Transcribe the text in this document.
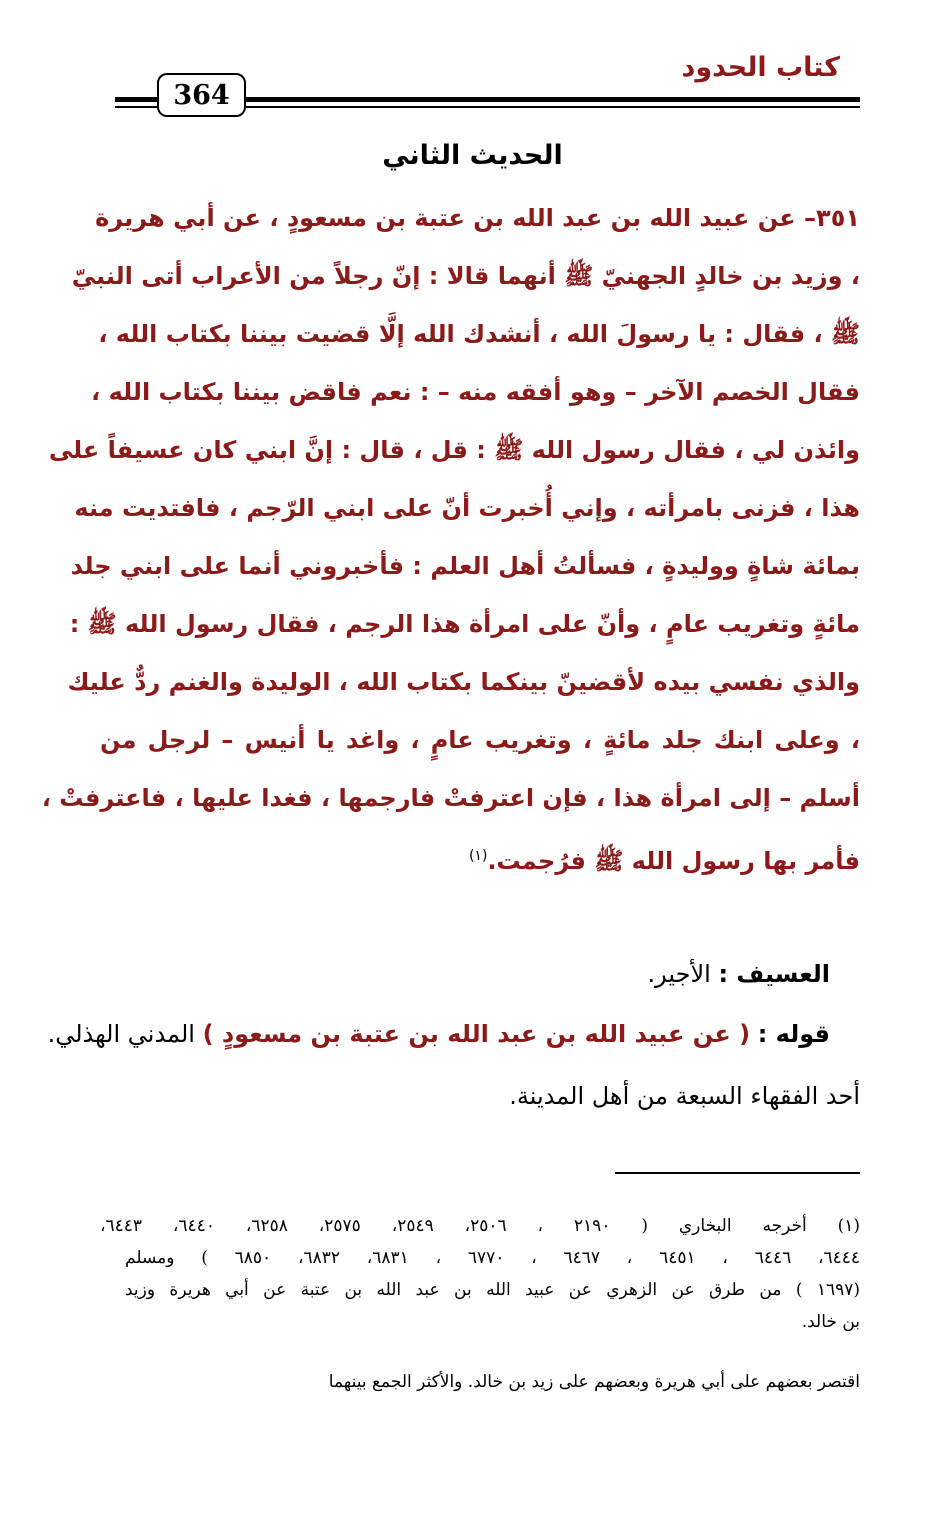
كتاب الحدود
364
الحديث الثاني
٣٥١– عن عبيد الله بن عبد الله بن عتبة بن مسعودٍ ، عن أبي هريرة
، وزيد بن خالدٍ الجهنيّ ﷺ أنهما قالا : إنّ رجلاً من الأعراب أتى النبيّ
ﷺ ، فقال : يا رسولَ الله ، أنشدك الله إلَّا قضيت بيننا بكتاب الله ،
فقال الخصم الآخر – وهو أفقه منه – : نعم فاقض بيننا بكتاب الله ،
وائذن لي ، فقال رسول الله ﷺ : قل ، قال : إنَّ ابني كان عسيفاً على
هذا ، فزنى بامرأته ، وإني أُخبرت أنّ على ابني الرّجم ، فافتديت منه
بمائة شاةٍ ووليدةٍ ، فسألتُ أهل العلم : فأخبروني أنما على ابني جلد
مائةٍ وتغريب عامٍ ، وأنّ على امرأة هذا الرجم ، فقال رسول الله ﷺ :
والذي نفسي بيده لأقضينّ بينكما بكتاب الله ، الوليدة والغنم ردٌّ عليك
، وعلى ابنك جلد مائةٍ ، وتغريب عامٍ ، واغد يا أنيس – لرجل من
أسلم – إلى امرأة هذا ، فإن اعترفتْ فارجمها ، فغدا عليها ، فاعترفتْ ،
فأمر بها رسول الله ﷺ فرُجمت.$^{(١)}$
العسيف : الأجير.
قوله : ( عن عبيد الله بن عبد الله بن عتبة بن مسعودٍ ) المدني الهذلي.
أحد الفقهاء السبعة من أهل المدينة.
(١) أخرجه البخاري ( ٢١٩٠ ، ٢٥٠٦، ٢٥٤٩، ٢٥٧٥، ٦٢٥٨، ٦٤٤٠، ٦٤٤٣،
٦٤٤٤، ٦٤٤٦ ، ٦٤٥١ ، ٦٤٦٧ ، ٦٧٧٠ ، ٦٨٣١، ٦٨٣٢، ٦٨٥٠ ) ومسلم
(١٦٩٧ ) من طرق عن الزهري عن عبيد الله بن عبد الله بن عتبة عن أبي هريرة وزيد
بن خالد.
اقتصر بعضهم على أبي هريرة وبعضهم على زيد بن خالد. والأكثر الجمع بينهما
